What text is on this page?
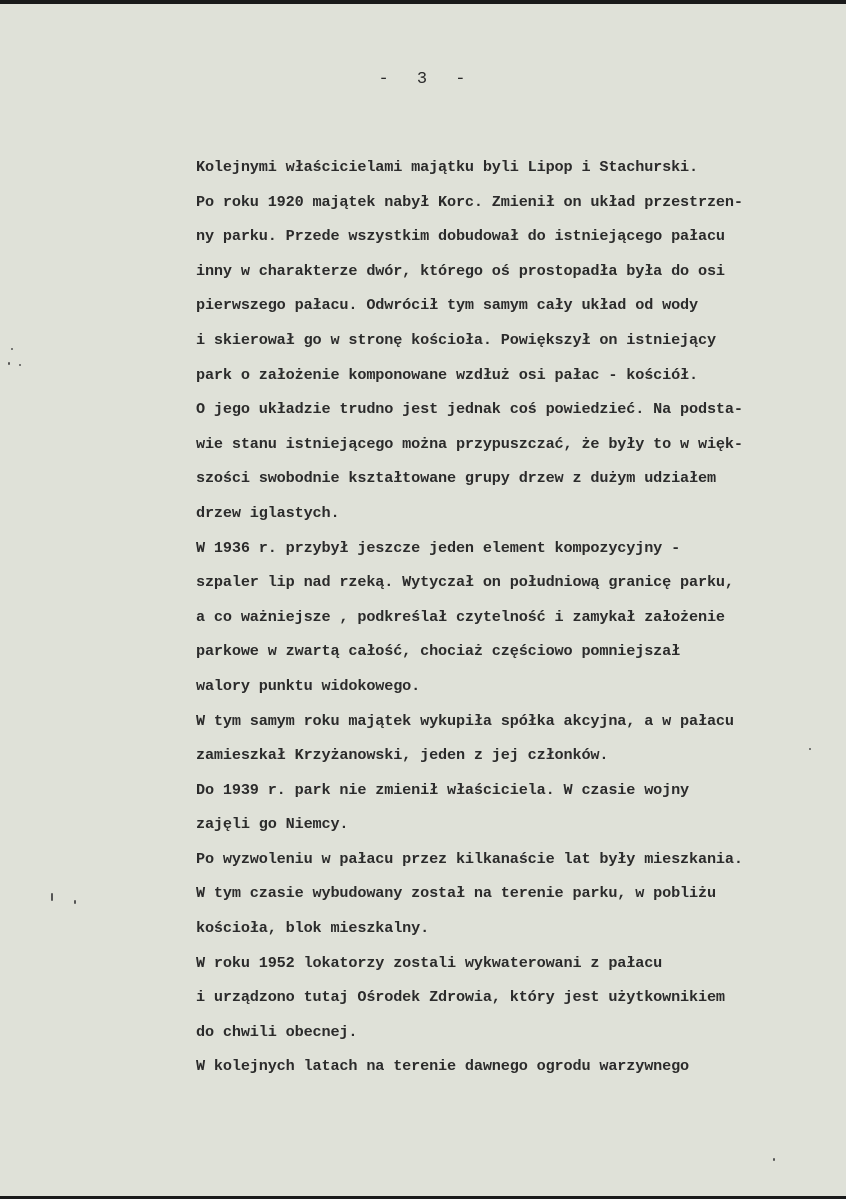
- 3 -
Kolejnymi właścicielami majątku byli Lipop i Stachurski.
Po roku 1920 majątek nabył Korc. Zmienił on układ przestrzen-
ny parku. Przede wszystkim dobudował do istniejącego pałacu
inny w charakterze dwór, którego oś prostopadła była do osi
pierwszego pałacu. Odwrócił tym samym cały układ od wody
i skierował go w stronę kościoła. Powiększył on istniejący
park o założenie komponowane wzdłuż osi pałac - kościół.
O jego układzie trudno jest jednak coś powiedzieć. Na podsta-
wie stanu istniejącego można przypuszczać, że były to w więk-
szości swobodnie kształtowane grupy drzew z dużym udziałem
drzew iglastych.
W 1936 r. przybył jeszcze jeden element kompozycyjny -
szpaler lip nad rzeką. Wytyczał on południową granicę parku,
a co ważniejsze , podkreślał czytelność i zamykał założenie
parkowe w zwartą całość, chociaż częściowo pomniejszał
walory punktu widokowego.
W tym samym roku majątek wykupiła spółka akcyjna, a w pałacu
zamieszkał Krzyżanowski, jeden z jej członków.
Do 1939 r. park nie zmienił właściciela. W czasie wojny
zajęli go Niemcy.
Po wyzwoleniu w pałacu przez kilkanaście lat były mieszkania.
W tym czasie wybudowany został na terenie parku, w pobliżu
kościoła, blok mieszkalny.
W roku 1952 lokatorzy zostali wykwaterowani z pałacu
i urządzono tutaj Ośrodek Zdrowia, który jest użytkownikiem
do chwili obecnej.
W kolejnych latach na terenie dawnego ogrodu warzywnego
